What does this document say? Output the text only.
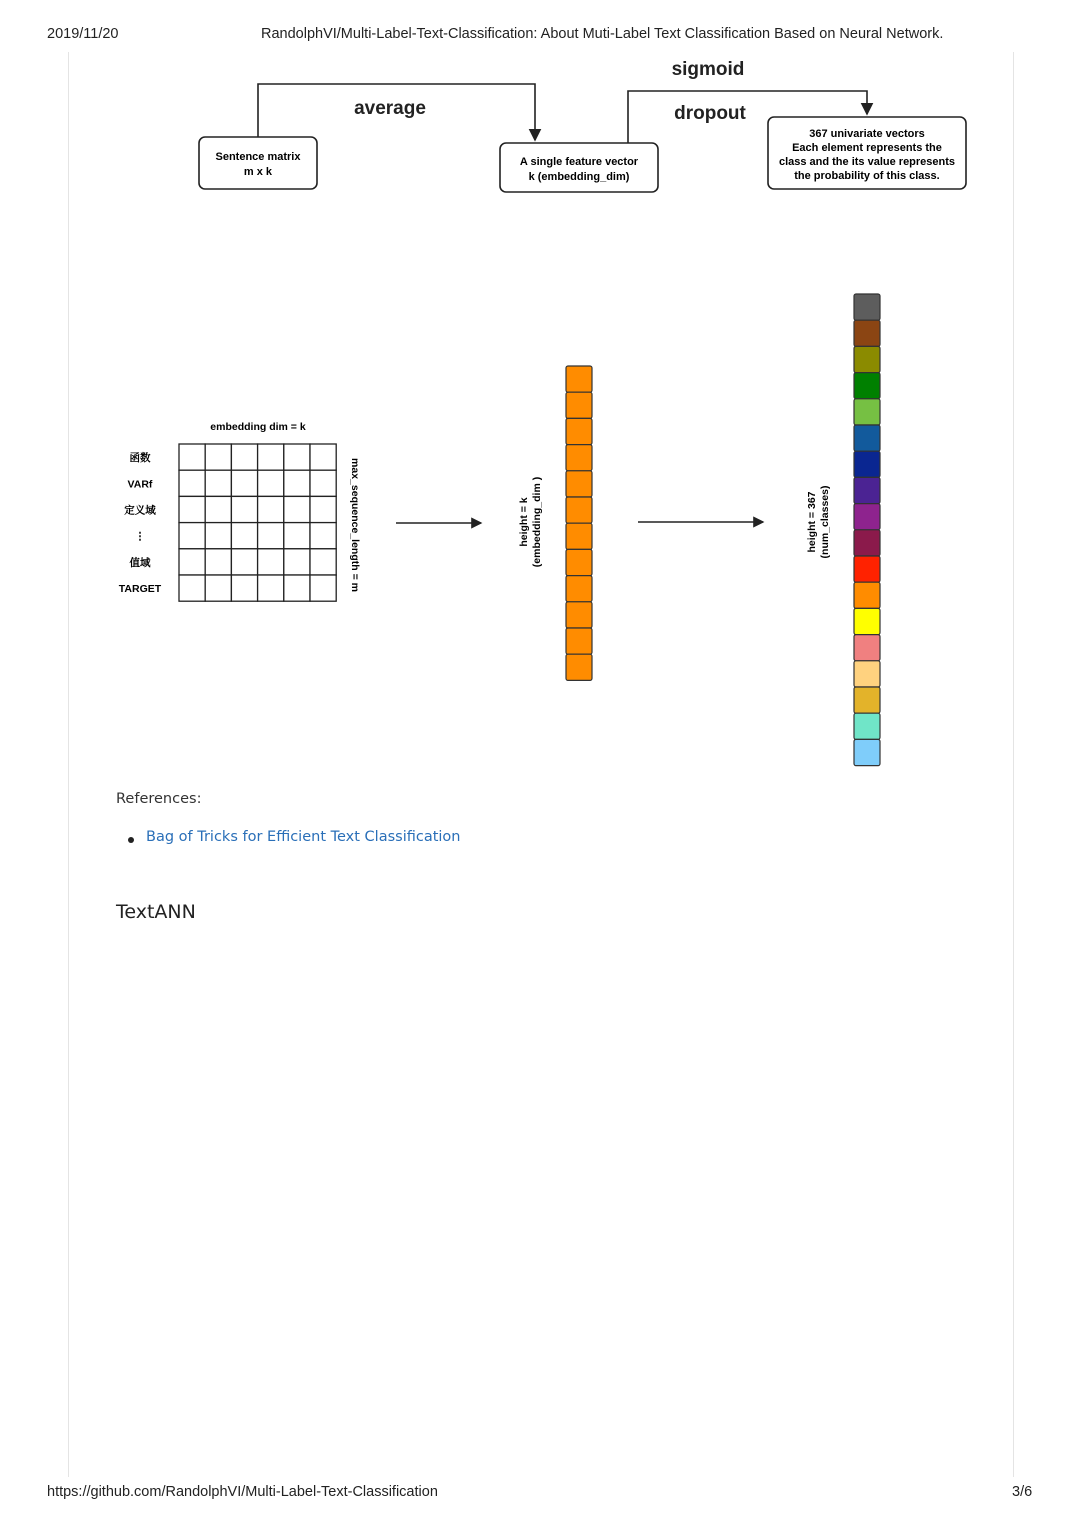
2019/11/20	RandolphVI/Multi-Label-Text-Classification: About Muti-Label Text Classification Based on Neural Network.
average
sigmoid
dropout
Sentence matrix
m x k
A single feature vector
k (embedding_dim)
367 univariate vectors
Each element represents the
class and the its value represents
the probability of this class.
embedding dim = k
函数
VARf
定义域
⋮
值域
TARGET	max_sequence_length = m	height = k (embedding_dim )	height = 367 (num_classes)
References:
Bag of Tricks for Efficient Text Classification
TextANN
https://github.com/RandolphVI/Multi-Label-Text-Classification	3/6
